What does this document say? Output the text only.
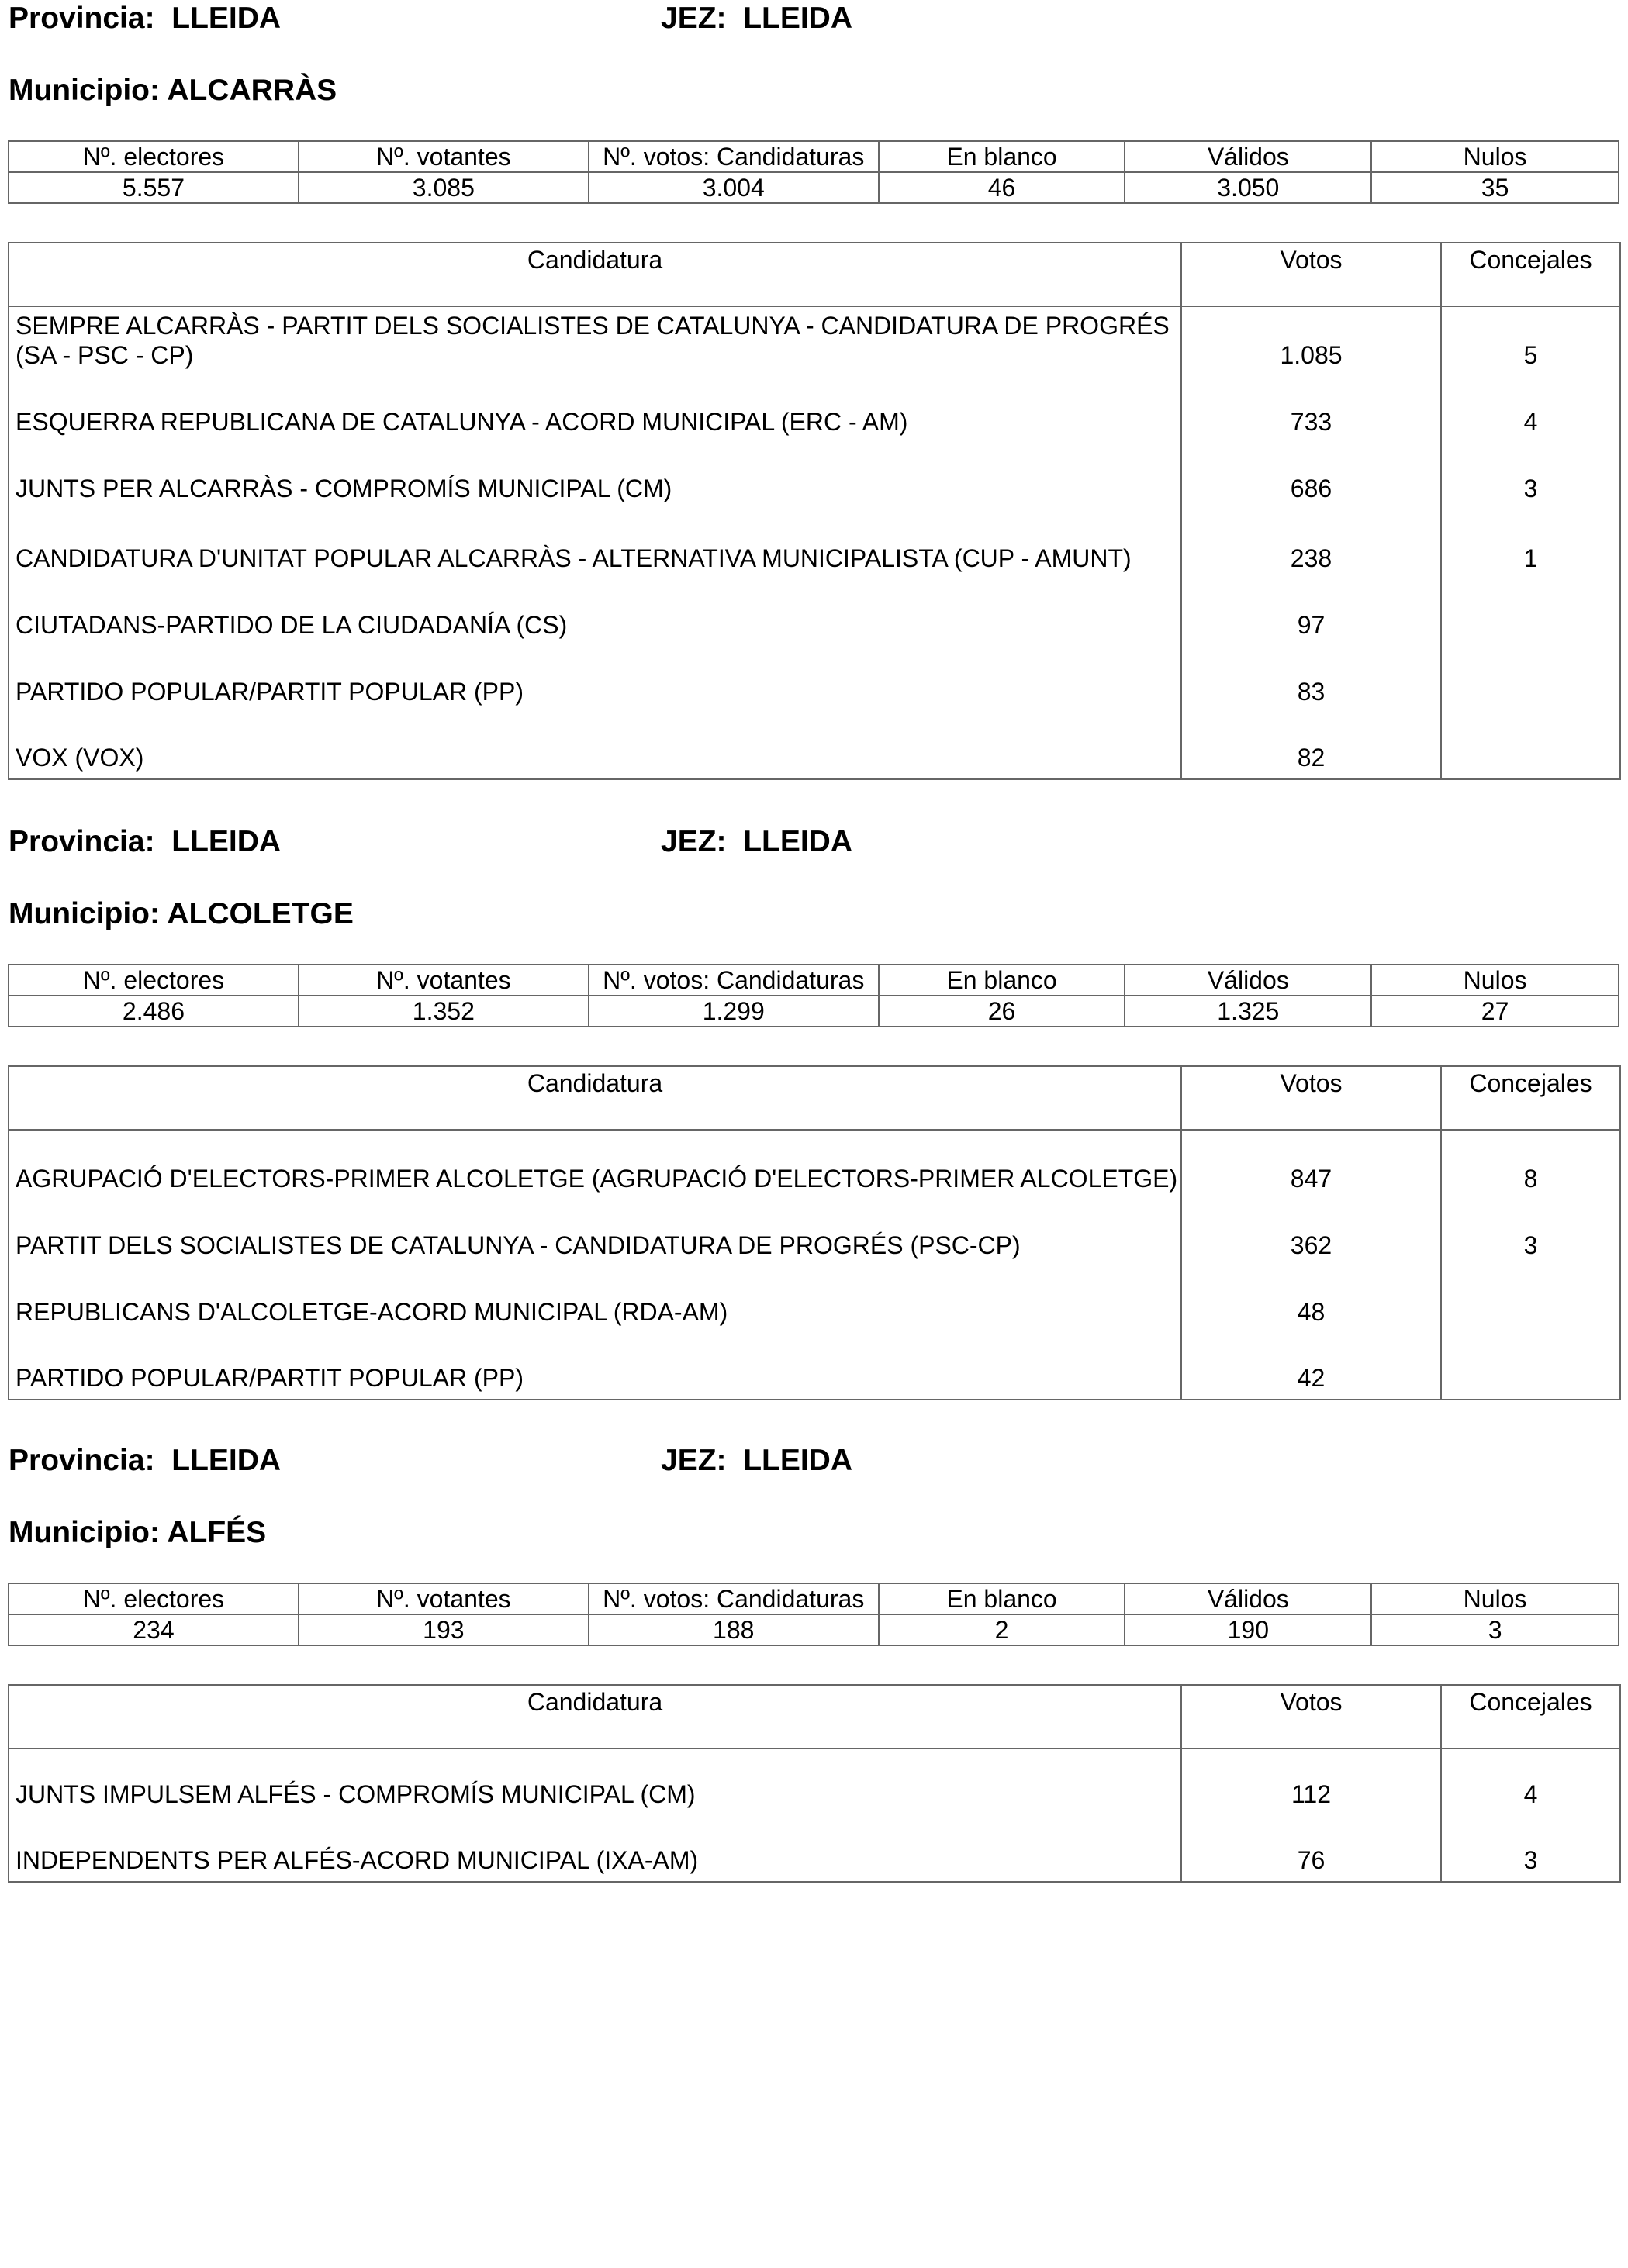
Provincia: LLEIDA	JEZ: LLEIDA
Municipio: ALCARRÀS
Nº. electores	Nº. votantes	Nº. votos: Candidaturas	En blanco	Válidos	Nulos
5.557	3.085	3.004	46	3.050	35
Candidatura	Votos	Concejales
SEMPRE ALCARRÀS - PARTIT DELS SOCIALISTES DE CATALUNYA - CANDIDATURA DE PROGRÉS (SA - PSC - CP)	1.085	5
ESQUERRA REPUBLICANA DE CATALUNYA - ACORD MUNICIPAL (ERC - AM)	733	4
JUNTS PER ALCARRÀS - COMPROMÍS MUNICIPAL (CM)	686	3
CANDIDATURA D'UNITAT POPULAR ALCARRÀS - ALTERNATIVA MUNICIPALISTA (CUP - AMUNT)	238	1
CIUTADANS-PARTIDO DE LA CIUDADANÍA (CS)	97	
PARTIDO POPULAR/PARTIT POPULAR (PP)	83	
VOX (VOX)	82	
Provincia: LLEIDA	JEZ: LLEIDA
Municipio: ALCOLETGE
Nº. electores	Nº. votantes	Nº. votos: Candidaturas	En blanco	Válidos	Nulos
2.486	1.352	1.299	26	1.325	27
Candidatura	Votos	Concejales
AGRUPACIÓ D'ELECTORS-PRIMER ALCOLETGE (AGRUPACIÓ D'ELECTORS-PRIMER ALCOLETGE)	847	8
PARTIT DELS SOCIALISTES DE CATALUNYA - CANDIDATURA DE PROGRÉS (PSC-CP)	362	3
REPUBLICANS D'ALCOLETGE-ACORD MUNICIPAL (RDA-AM)	48	
PARTIDO POPULAR/PARTIT POPULAR (PP)	42	
Provincia: LLEIDA	JEZ: LLEIDA
Municipio: ALFÉS
Nº. electores	Nº. votantes	Nº. votos: Candidaturas	En blanco	Válidos	Nulos
234	193	188	2	190	3
Candidatura	Votos	Concejales
JUNTS IMPULSEM ALFÉS - COMPROMÍS MUNICIPAL (CM)	112	4
INDEPENDENTS PER ALFÉS-ACORD MUNICIPAL (IXA-AM)	76	3
